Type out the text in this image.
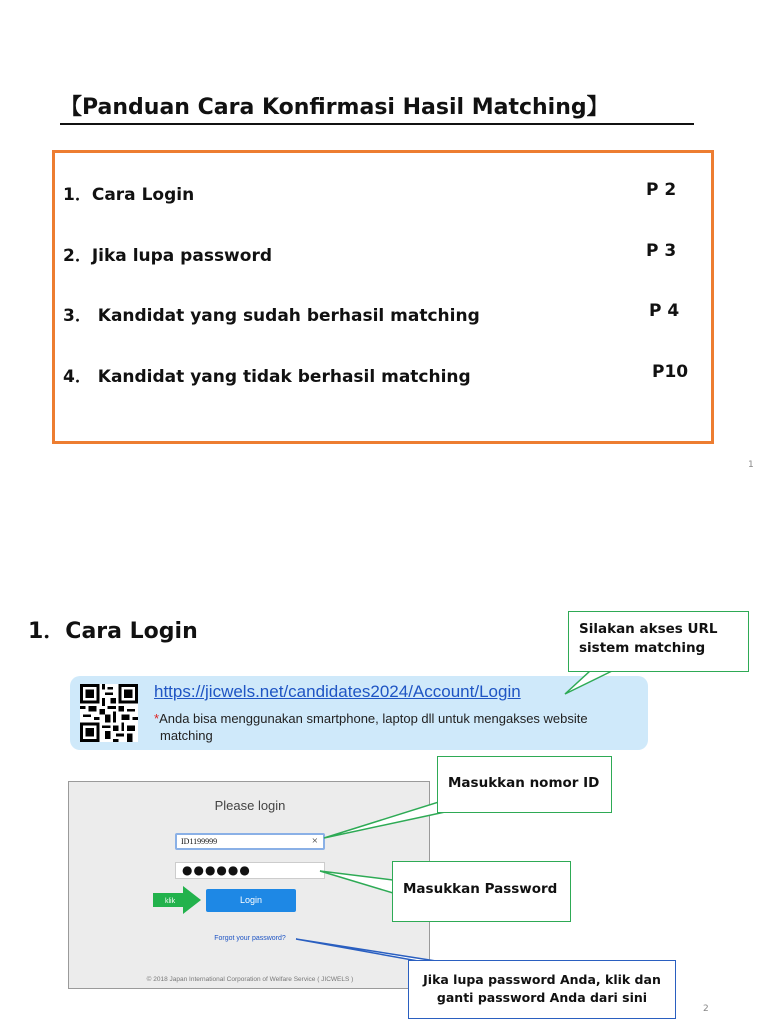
【Panduan Cara Konfirmasi Hasil Matching】
1．Cara Login	P 2
2．Jika lupa password	P 3
3． Kandidat yang sudah berhasil matching	P 4
4． Kandidat yang tidak berhasil matching	P10
1
1．Cara Login
https://jicwels.net/candidates2024/Account/Login
*Anda bisa menggunakan smartphone, laptop dll untuk mengakses website
matching
Please login
ID1199999	×
●●●●●●
klik	Login
Forgot your password?
© 2018 Japan International Corporation of Welfare Service ( JICWELS )
Silakan akses URL sistem matching
Masukkan nomor ID
Masukkan Password
Jika lupa password Anda, klik dan
ganti password Anda dari sini
2
